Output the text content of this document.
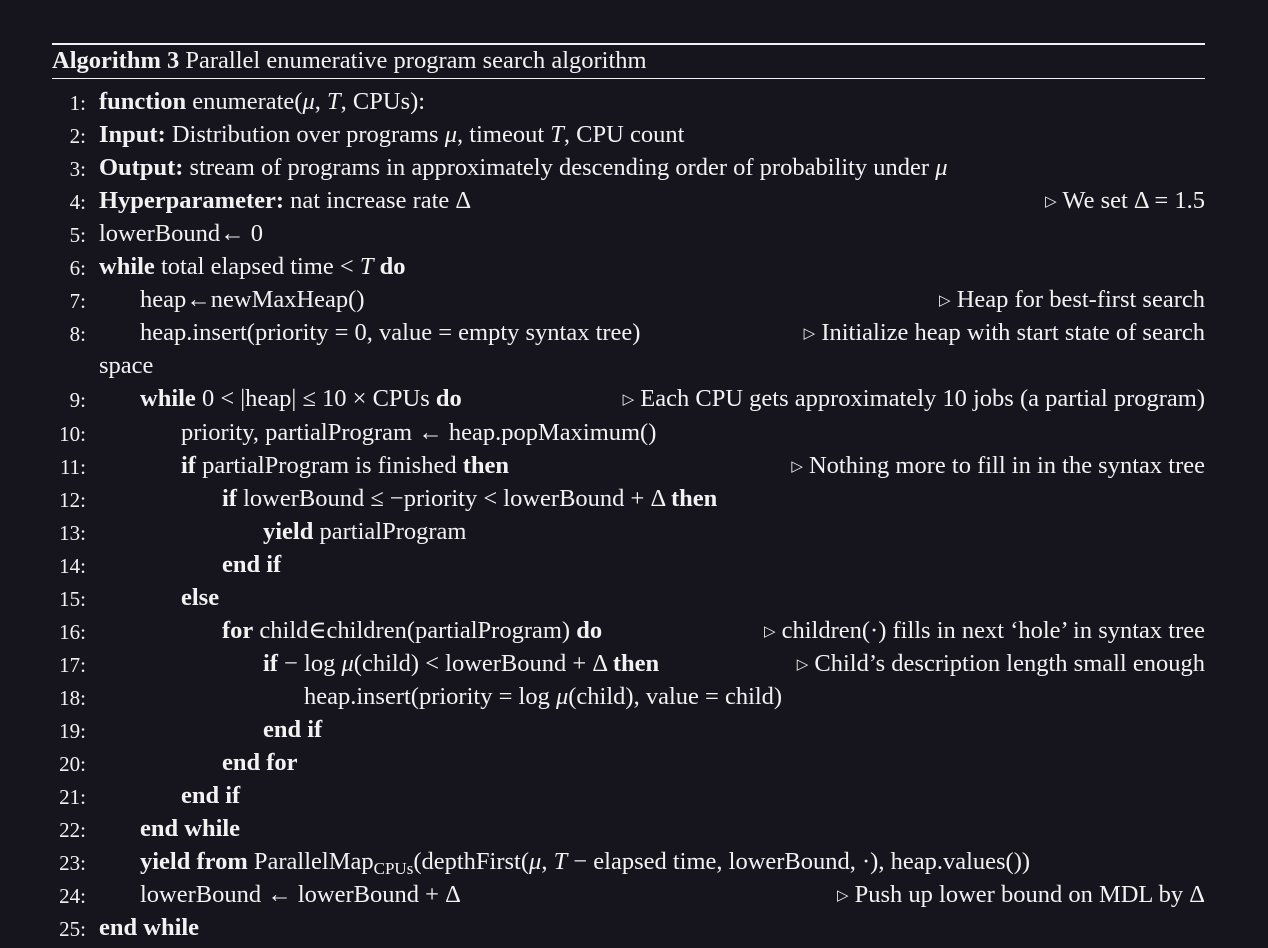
Algorithm 3 Parallel enumerative program search algorithm
1: function enumerate(μ, T, CPUs):
2: Input: Distribution over programs μ, timeout T, CPU count
3: Output: stream of programs in approximately descending order of probability under μ
4: Hyperparameter: nat increase rate Δ	▷ We set Δ = 1.5
5: lowerBound← 0
6: while total elapsed time < T do
7: heap←newMaxHeap()	▷ Heap for best-first search
8: heap.insert(priority = 0, value = empty syntax tree)	▷ Initialize heap with start state of search
space
9: while 0 < |heap| ≤ 10 × CPUs do	▷ Each CPU gets approximately 10 jobs (a partial program)
10:	priority, partialProgram ← heap.popMaximum()
11:	if partialProgram is finished then	▷ Nothing more to fill in in the syntax tree
12:	if lowerBound ≤ −priority < lowerBound + Δ then
13:	yield partialProgram
14:	end if
15:	else
16:	for child∈children(partialProgram) do	▷ children(·) fills in next ‘hole’ in syntax tree
17:	if − log μ(child) < lowerBound + Δ then	▷ Child’s description length small enough
18:	heap.insert(priority = log μ(child), value = child)
19:	end if
20:	end for
21:	end if
22: end while
23: yield from ParallelMap$_{CPUs}$(depthFirst(μ, T − elapsed time, lowerBound, ·), heap.values())
24: lowerBound ← lowerBound + Δ	▷ Push up lower bound on MDL by Δ
25: end while
